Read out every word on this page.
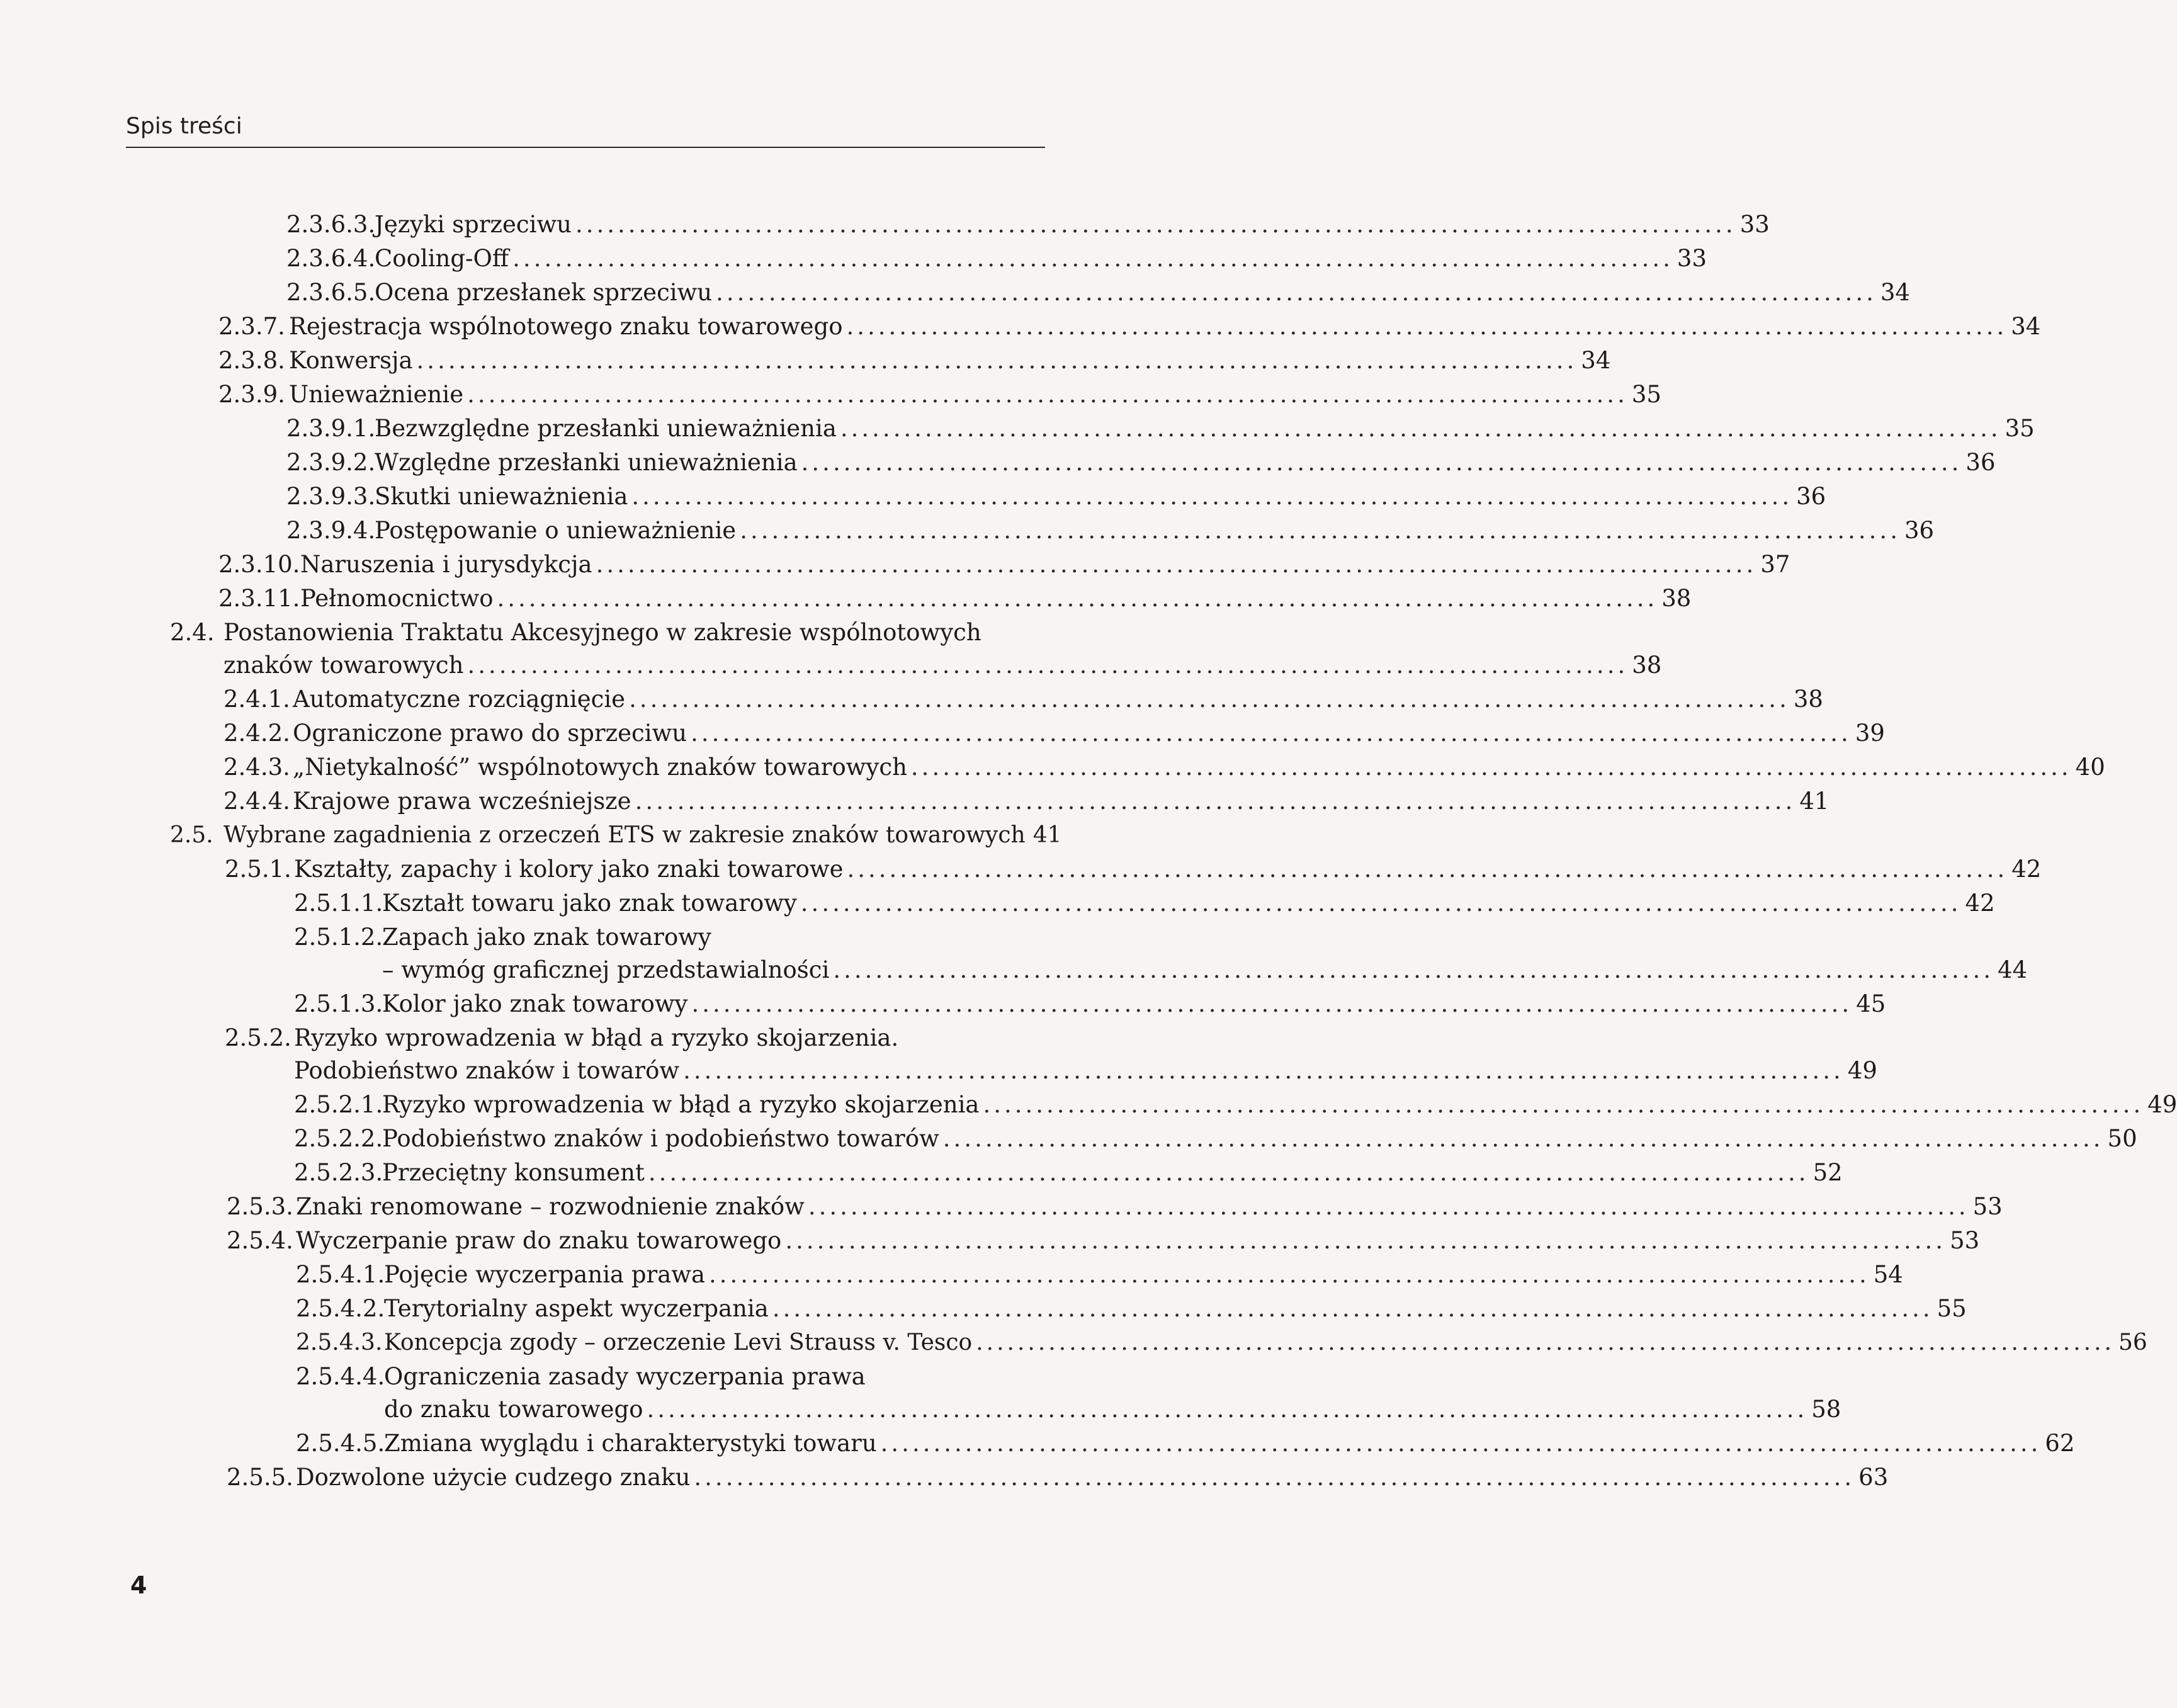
Spis treści
2.3.6.3.
Języki sprzeciwu .............................................................................................................. 33
2.3.6.4.
Cooling-Off .............................................................................................................. 33
2.3.6.5.
Ocena przesłanek sprzeciwu .............................................................................................................. 34
2.3.7. Rejestracja wspólnotowego znaku towarowego .............................................................................................................. 34
2.3.8. Konwersja .............................................................................................................. 34
2.3.9. Unieważnienie .............................................................................................................. 35
2.3.9.1.
Bezwzględne przesłanki unieważnienia .............................................................................................................. 35
2.3.9.2.
Względne przesłanki unieważnienia .............................................................................................................. 36
2.3.9.3.
Skutki unieważnienia .............................................................................................................. 36
2.3.9.4.
Postępowanie o unieważnienie .............................................................................................................. 36
2.3.10. Naruszenia i jurysdykcja .............................................................................................................. 37
2.3.11. Pełnomocnictwo .............................................................................................................. 38
2.4. Postanowienia Traktatu Akcesyjnego w zakresie wspólnotowych
znaków towarowych .............................................................................................................. 38
2.4.1. Automatyczne rozciągnięcie .............................................................................................................. 38
2.4.2. Ograniczone prawo do sprzeciwu .............................................................................................................. 39
2.4.3. „Nietykalność” wspólnotowych znaków towarowych .............................................................................................................. 40
2.4.4. Krajowe prawa wcześniejsze .............................................................................................................. 41
2.5. Wybrane zagadnienia z orzeczeń ETS w zakresie znaków towarowych 41
2.5.1. Kształty, zapachy i kolory jako znaki towarowe .............................................................................................................. 42
2.5.1.1.
Kształt towaru jako znak towarowy .............................................................................................................. 42
2.5.1.2.
Zapach jako znak towarowy
– wymóg graficznej przedstawialności .............................................................................................................. 44
2.5.1.3.
Kolor jako znak towarowy .............................................................................................................. 45
2.5.2. Ryzyko wprowadzenia w błąd a ryzyko skojarzenia.
Podobieństwo znaków i towarów .............................................................................................................. 49
2.5.2.1.
Ryzyko wprowadzenia w błąd a ryzyko skojarzenia .............................................................................................................. 49
2.5.2.2.
Podobieństwo znaków i podobieństwo towarów .............................................................................................................. 50
2.5.2.3.
Przeciętny konsument .............................................................................................................. 52
2.5.3. Znaki renomowane – rozwodnienie znaków .............................................................................................................. 53
2.5.4. Wyczerpanie praw do znaku towarowego .............................................................................................................. 53
2.5.4.1.
Pojęcie wyczerpania prawa .............................................................................................................. 54
2.5.4.2.
Terytorialny aspekt wyczerpania .............................................................................................................. 55
2.5.4.3. Koncepcja zgody – orzeczenie Levi Strauss v. Tesco .............................................................................................................. 56
2.5.4.4.
Ograniczenia zasady wyczerpania prawa
do znaku towarowego .............................................................................................................. 58
2.5.4.5.
Zmiana wyglądu i charakterystyki towaru .............................................................................................................. 62
2.5.5. Dozwolone użycie cudzego znaku .............................................................................................................. 63
4
